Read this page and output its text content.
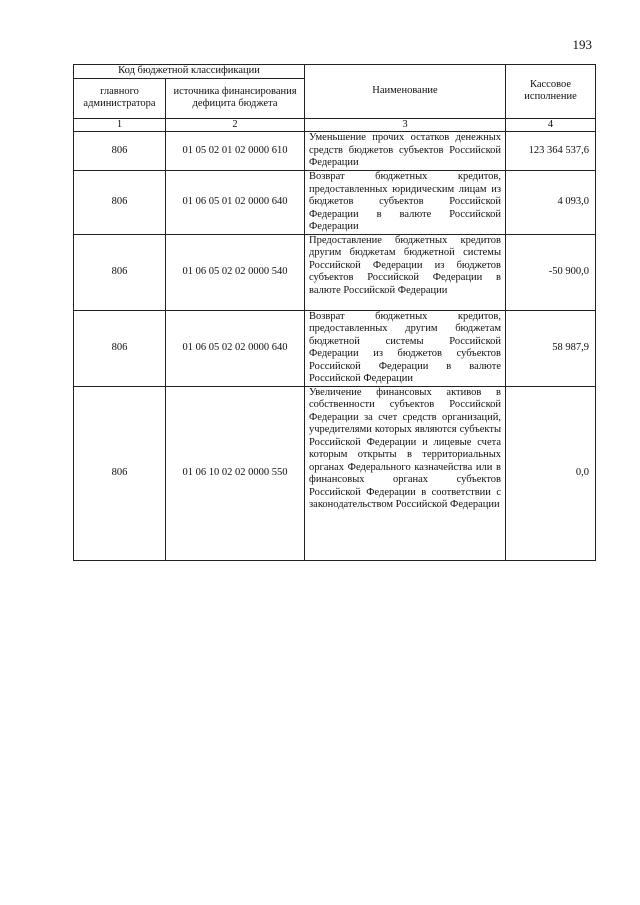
193
Код бюджетной классификации		Наименование	Кассовое исполнение
главного администратора	источника финансирования дефицита бюджета		
1	2	3	4
806	01 05 02 01 02 0000 610	Уменьшение прочих остатков денежных средств бюджетов субъектов Российской Федерации	123 364 537,6
806	01 06 05 01 02 0000 640	Возврат бюджетных кредитов, предоставленных юридическим лицам из бюджетов субъектов Российской Федерации в валюте Российской Федерации	4 093,0
806	01 06 05 02 02 0000 540	Предоставление бюджетных кредитов другим бюджетам бюджетной системы Российской Федерации из бюджетов субъектов Российской Федерации в валюте Российской Федерации	-50 900,0
806	01 06 05 02 02 0000 640	Возврат бюджетных кредитов, предоставленных другим бюджетам бюджетной системы Российской Федерации из бюджетов субъектов Российской Федерации в валюте Российской Федерации	58 987,9
806	01 06 10 02 02 0000 550	Увеличение финансовых активов в собственности субъектов Российской Федерации за счет средств организаций, учредителями которых являются субъекты Российской Федерации и лицевые счета которым открыты в территориальных органах Федерального казначейства или в финансовых органах субъектов Российской Федерации в соответствии с законодательством Российской Федерации	0,0
